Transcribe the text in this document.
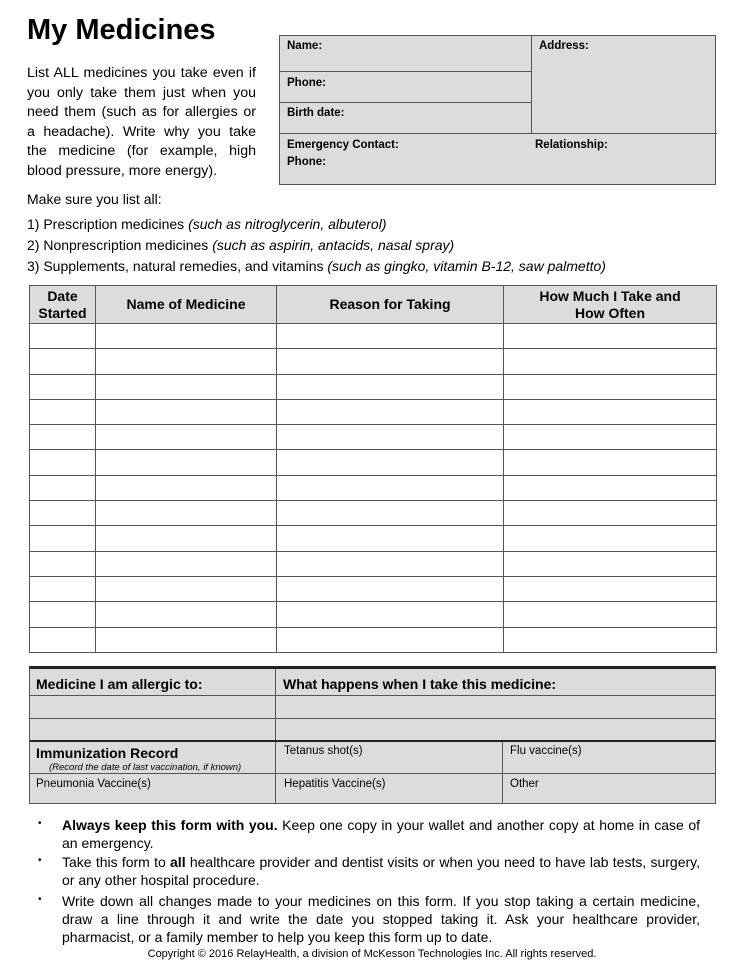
My Medicines

List ALL medicines you take even if you only take them just when you need them (such as for allergies or a headache). Write why you take the medicine (for example, high blood pressure, more energy).

Name:	Address:
Phone:
Birth date:
Emergency Contact:	Relationship:
Phone:

Make sure you list all:

1) Prescription medicines (such as nitroglycerin, albuterol)
2) Nonprescription medicines (such as aspirin, antacids, nasal spray)
3) Supplements, natural remedies, and vitamins (such as gingko, vitamin B-12, saw palmetto)
Date Started	Name of Medicine	Reason for Taking	How Much I Take and How Often

Medicine I am allergic to:	What happens when I take this medicine:
Immunization Record
(Record the date of last vaccination, if known)
Tetanus shot(s)	Flu vaccine(s)
Pneumonia Vaccine(s)	Hepatitis Vaccine(s)	Other
• Always keep this form with you. Keep one copy in your wallet and another copy at home in case of an emergency.

• Take this form to all healthcare provider and dentist visits or when you need to have lab tests, surgery, or any other hospital procedure.

• Write down all changes made to your medicines on this form. If you stop taking a certain medicine, draw a line through it and write the date you stopped taking it. Ask your healthcare provider, pharmacist, or a family member to help you keep this form up to date.

Copyright © 2016 RelayHealth, a division of McKesson Technologies Inc. All rights reserved.
